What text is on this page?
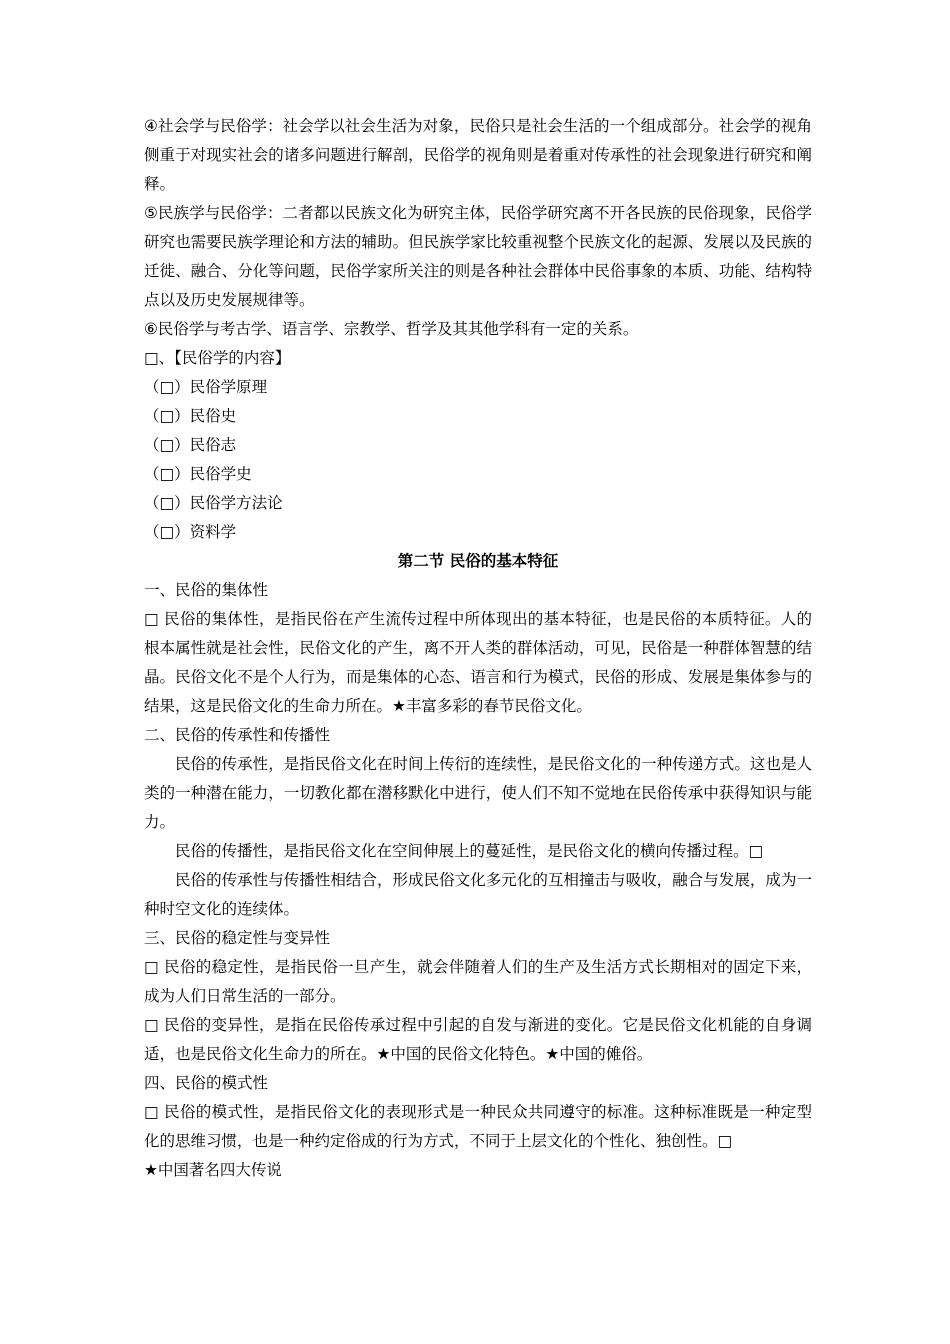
④社会学与民俗学：社会学以社会生活为对象，民俗只是社会生活的一个组成部分。社会学的视角侧重于对现实社会的诸多问题进行解剖，民俗学的视角则是着重对传承性的社会现象进行研究和阐释。

⑤民族学与民俗学：二者都以民族文化为研究主体，民俗学研究离不开各民族的民俗现象，民俗学研究也需要民族学理论和方法的辅助。但民族学家比较重视整个民族文化的起源、发展以及民族的迁徙、融合、分化等问题，民俗学家所关注的则是各种社会群体中民俗事象的本质、功能、结构特点以及历史发展规律等。

⑥民俗学与考古学、语言学、宗教学、哲学及其其他学科有一定的关系。

□、【民俗学的内容】

（□）民俗学原理

（□）民俗史

（□）民俗志

（□）民俗学史

（□）民俗学方法论

（□）资料学

第二节 民俗的基本特征

一、民俗的集体性

□ 民俗的集体性，是指民俗在产生流传过程中所体现出的基本特征，也是民俗的本质特征。人的根本属性就是社会性，民俗文化的产生，离不开人类的群体活动，可见，民俗是一种群体智慧的结晶。民俗文化不是个人行为，而是集体的心态、语言和行为模式，民俗的形成、发展是集体参与的结果，这是民俗文化的生命力所在。★丰富多彩的春节民俗文化。

二、民俗的传承性和传播性

民俗的传承性，是指民俗文化在时间上传衍的连续性，是民俗文化的一种传递方式。这也是人类的一种潜在能力，一切教化都在潜移默化中进行，使人们不知不觉地在民俗传承中获得知识与能力。

民俗的传播性，是指民俗文化在空间伸展上的蔓延性，是民俗文化的横向传播过程。□

民俗的传承性与传播性相结合，形成民俗文化多元化的互相撞击与吸收，融合与发展，成为一种时空文化的连续体。

三、民俗的稳定性与变异性

□ 民俗的稳定性，是指民俗一旦产生，就会伴随着人们的生产及生活方式长期相对的固定下来，成为人们日常生活的一部分。

□ 民俗的变异性，是指在民俗传承过程中引起的自发与渐进的变化。它是民俗文化机能的自身调适，也是民俗文化生命力的所在。★中国的民俗文化特色。★中国的傩俗。

四、民俗的模式性

□ 民俗的模式性，是指民俗文化的表现形式是一种民众共同遵守的标准。这种标准既是一种定型化的思维习惯，也是一种约定俗成的行为方式，不同于上层文化的个性化、独创性。□

★中国著名四大传说
